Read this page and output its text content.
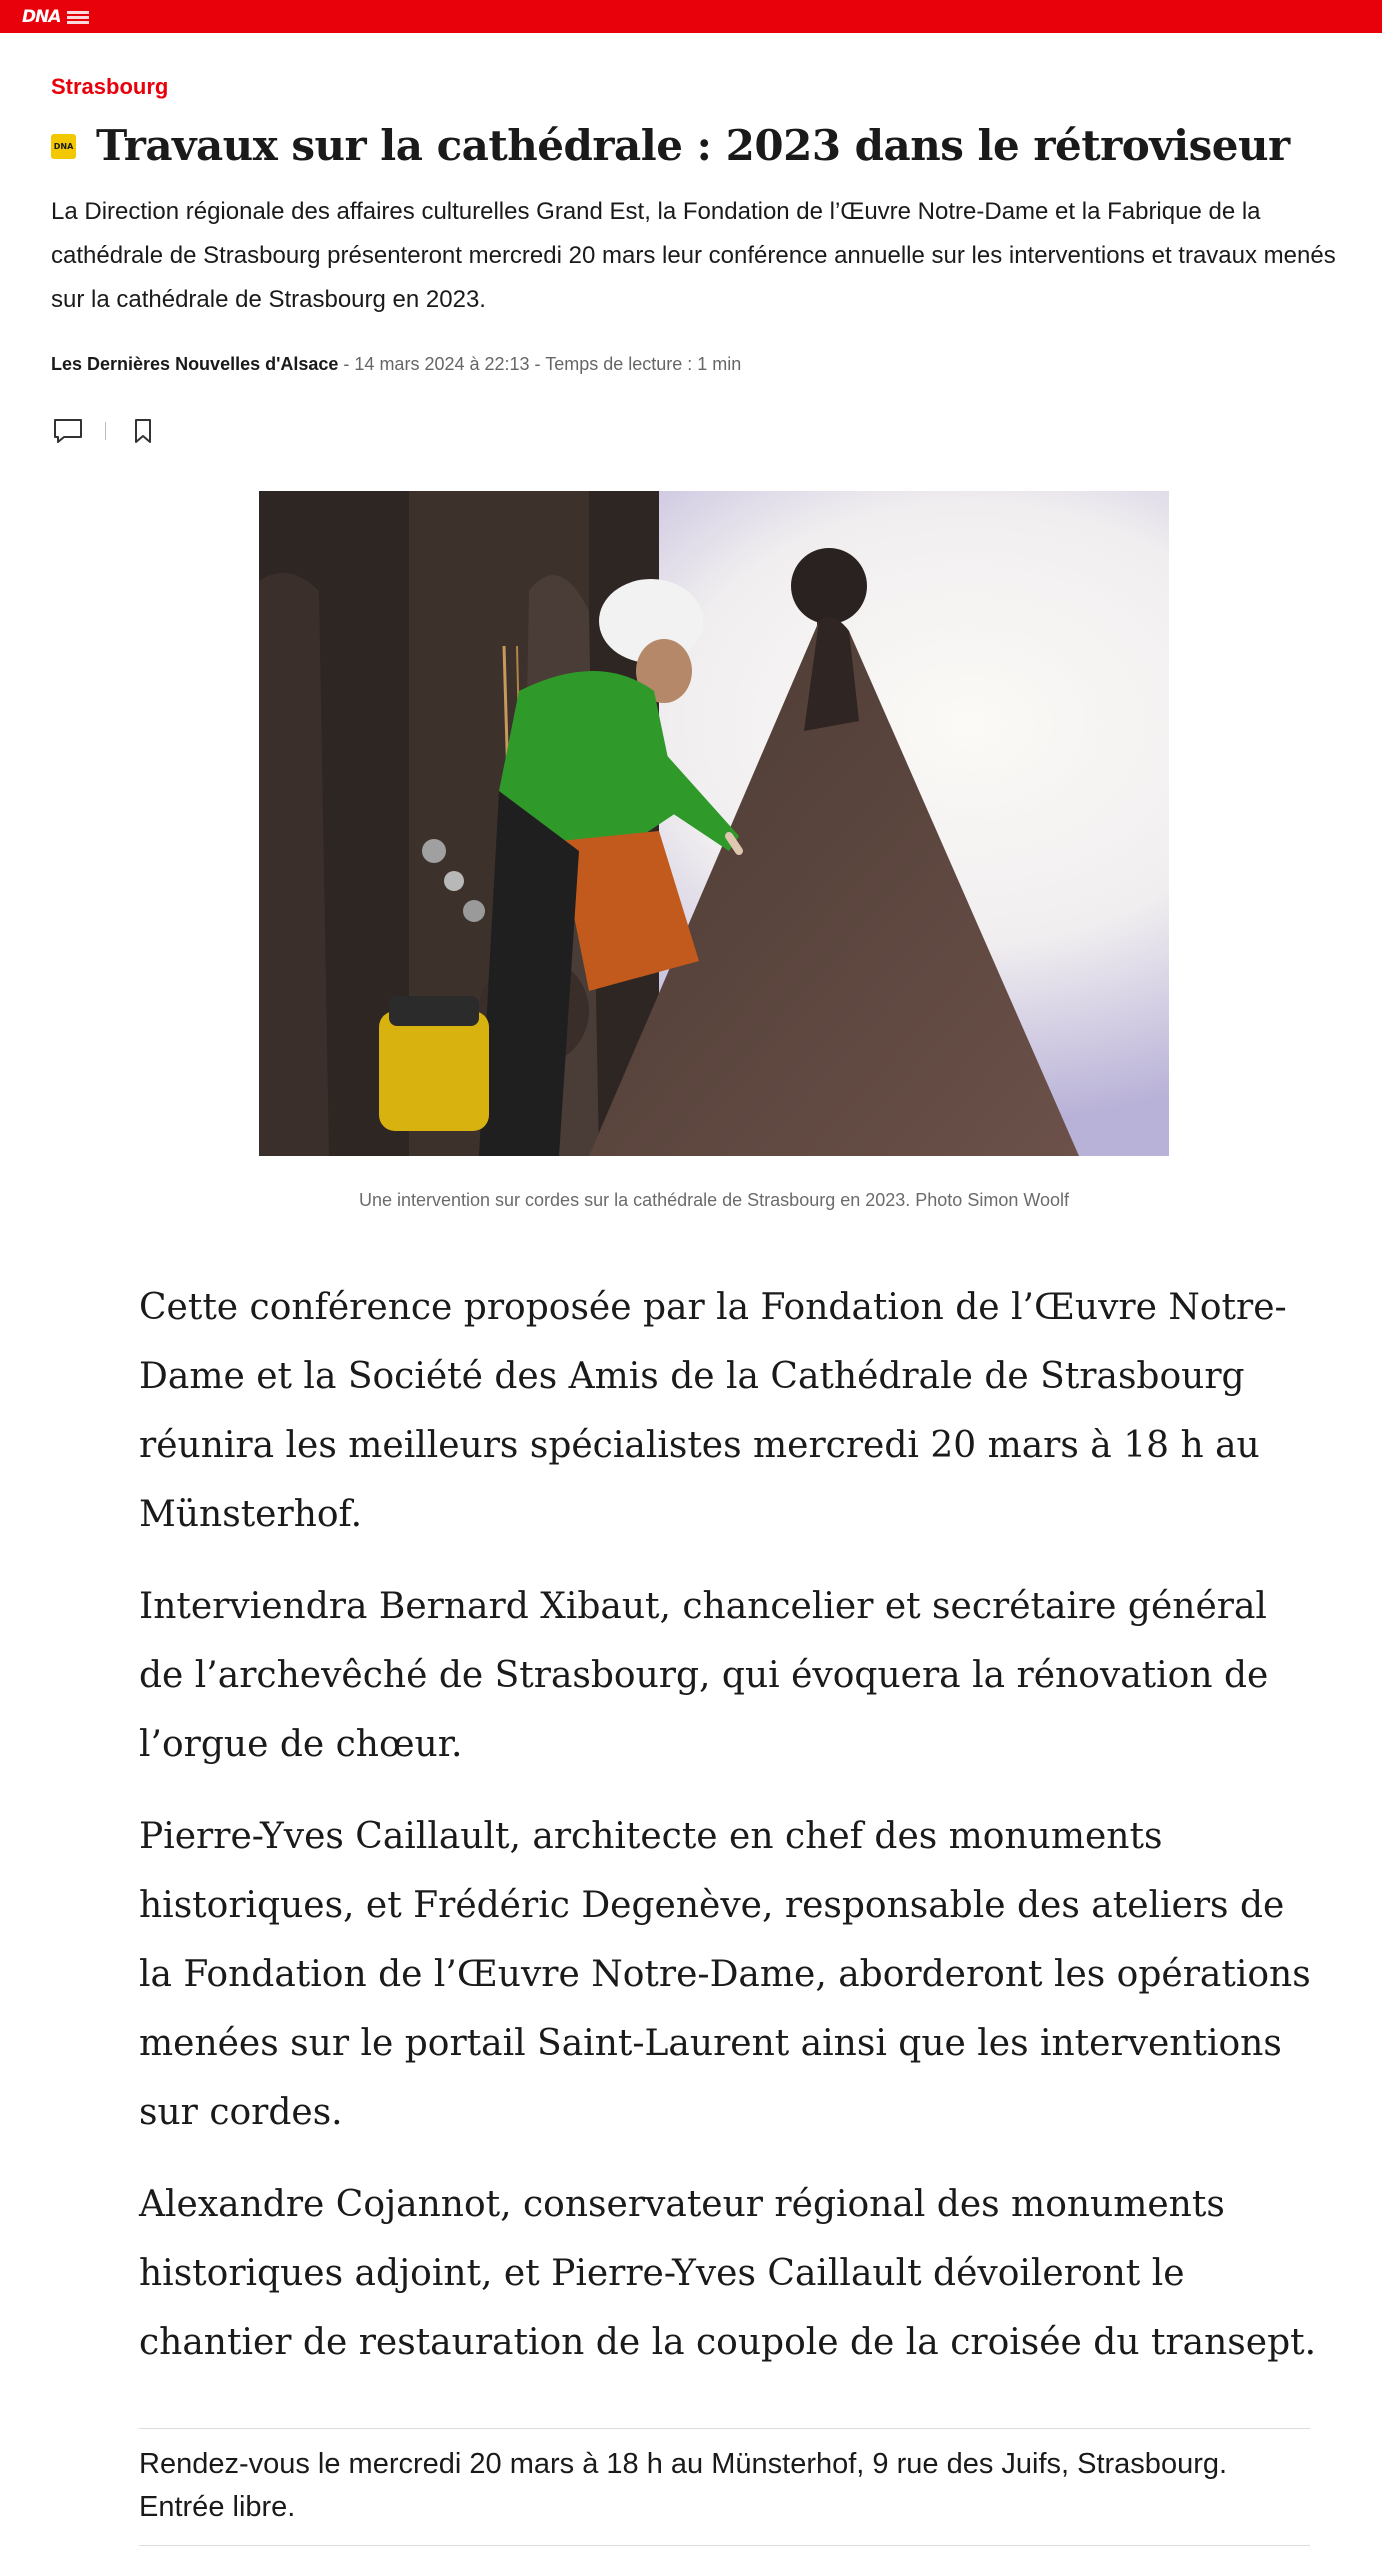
DNA
Strasbourg
DNA Travaux sur la cathédrale : 2023 dans le rétroviseur

La Direction régionale des affaires culturelles Grand Est, la Fondation de l’Œuvre Notre-Dame et la Fabrique de la cathédrale de Strasbourg présenteront mercredi 20 mars leur conférence annuelle sur les interventions et travaux menés sur la cathédrale de Strasbourg en 2023.

Les Dernières Nouvelles d'Alsace - 14 mars 2024 à 22:13 - Temps de lecture : 1 min

Une intervention sur cordes sur la cathédrale de Strasbourg en 2023. Photo Simon Woolf

Cette conférence proposée par la Fondation de l’Œuvre Notre-Dame et la Société des Amis de la Cathédrale de Strasbourg réunira les meilleurs spécialistes mercredi 20 mars à 18 h au Münsterhof.

Interviendra Bernard Xibaut, chancelier et secrétaire général de l’archevêché de Strasbourg, qui évoquera la rénovation de l’orgue de chœur.

Pierre-Yves Caillault, architecte en chef des monuments historiques, et Frédéric Degenève, responsable des ateliers de la Fondation de l’Œuvre Notre-Dame, aborderont les opérations menées sur le portail Saint-Laurent ainsi que les interventions sur cordes.

Alexandre Cojannot, conservateur régional des monuments historiques adjoint, et Pierre-Yves Caillault dévoileront le chantier de restauration de la coupole de la croisée du transept.

Rendez-vous le mercredi 20 mars à 18 h au Münsterhof, 9 rue des Juifs, Strasbourg. Entrée libre.
